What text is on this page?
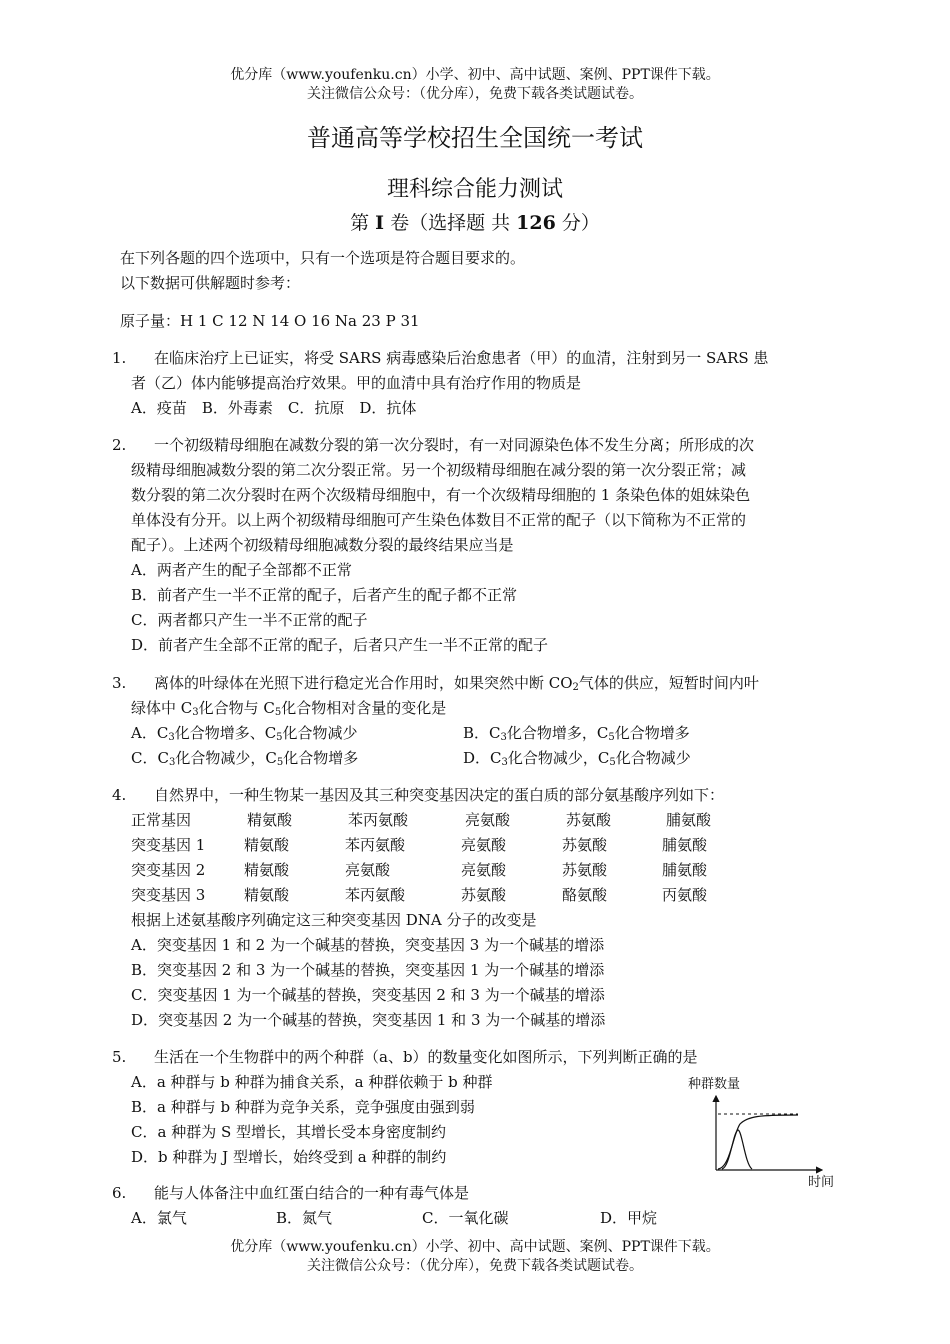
优分库（www.youfenku.cn）小学、初中、高中试题、案例、PPT课件下载。
关注微信公众号：（优分库），免费下载各类试题试卷。
普通高等学校招生全国统一考试
理科综合能力测试
第 I 卷（选择题 共 126 分）
在下列各题的四个选项中，只有一个选项是符合题目要求的。
以下数据可供解题时参考：
原子量：H 1 C 12 N 14 O 16 Na 23 P 31
1. 在临床治疗上已证实，将受 SARS 病毒感染后治愈患者（甲）的血清，注射到另一 SARS 患
者（乙）体内能够提高治疗效果。甲的血清中具有治疗作用的物质是
A．疫苗　B．外毒素　C．抗原　D．抗体
2. 一个初级精母细胞在减数分裂的第一次分裂时，有一对同源染色体不发生分离；所形成的次
级精母细胞减数分裂的第二次分裂正常。另一个初级精母细胞在减分裂的第一次分裂正常；减
数分裂的第二次分裂时在两个次级精母细胞中，有一个次级精母细胞的 1 条染色体的姐妹染色
单体没有分开。以上两个初级精母细胞可产生染色体数目不正常的配子（以下简称为不正常的
配子）。上述两个初级精母细胞减数分裂的最终结果应当是
A．两者产生的配子全部都不正常
B．前者产生一半不正常的配子，后者产生的配子都不正常
C．两者都只产生一半不正常的配子
D．前者产生全部不正常的配子，后者只产生一半不正常的配子
3. 离体的叶绿体在光照下进行稳定光合作用时，如果突然中断 $CO_2$气体的供应，短暂时间内叶
绿体中 $C_3$化合物与 $C_5$化合物相对含量的变化是
A．$C_3$化合物增多、$C_5$化合物减少	B．$C_3$化合物增多，$C_5$化合物增多
C．$C_3$化合物减少，$C_5$化合物增多	D．$C_3$化合物减少，$C_5$化合物减少
4. 自然界中，一种生物某一基因及其三种突变基因决定的蛋白质的部分氨基酸序列如下：
正常基因	精氨酸	苯丙氨酸	亮氨酸	苏氨酸	脯氨酸
突变基因 1	精氨酸	苯丙氨酸	亮氨酸	苏氨酸	脯氨酸
突变基因 2	精氨酸	亮氨酸	亮氨酸	苏氨酸	脯氨酸
突变基因 3	精氨酸	苯丙氨酸	苏氨酸	酪氨酸	丙氨酸
根据上述氨基酸序列确定这三种突变基因 DNA 分子的改变是
A．突变基因 1 和 2 为一个碱基的替换，突变基因 3 为一个碱基的增添
B．突变基因 2 和 3 为一个碱基的替换，突变基因 1 为一个碱基的增添
C．突变基因 1 为一个碱基的替换，突变基因 2 和 3 为一个碱基的增添
D．突变基因 2 为一个碱基的替换，突变基因 1 和 3 为一个碱基的增添
5. 生活在一个生物群中的两个种群（a、b）的数量变化如图所示，下列判断正确的是
A．a 种群与 b 种群为捕食关系，a 种群依赖于 b 种群
B．a 种群与 b 种群为竞争关系，竞争强度由强到弱
C．a 种群为 S 型增长，其增长受本身密度制约
D．b 种群为 J 型增长，始终受到 a 种群的制约
种群数量
时间
6. 能与人体备注中血红蛋白结合的一种有毒气体是
A．氯气	B．氮气	C．一氧化碳	D．甲烷
优分库（www.youfenku.cn）小学、初中、高中试题、案例、PPT课件下载。
关注微信公众号：（优分库），免费下载各类试题试卷。
